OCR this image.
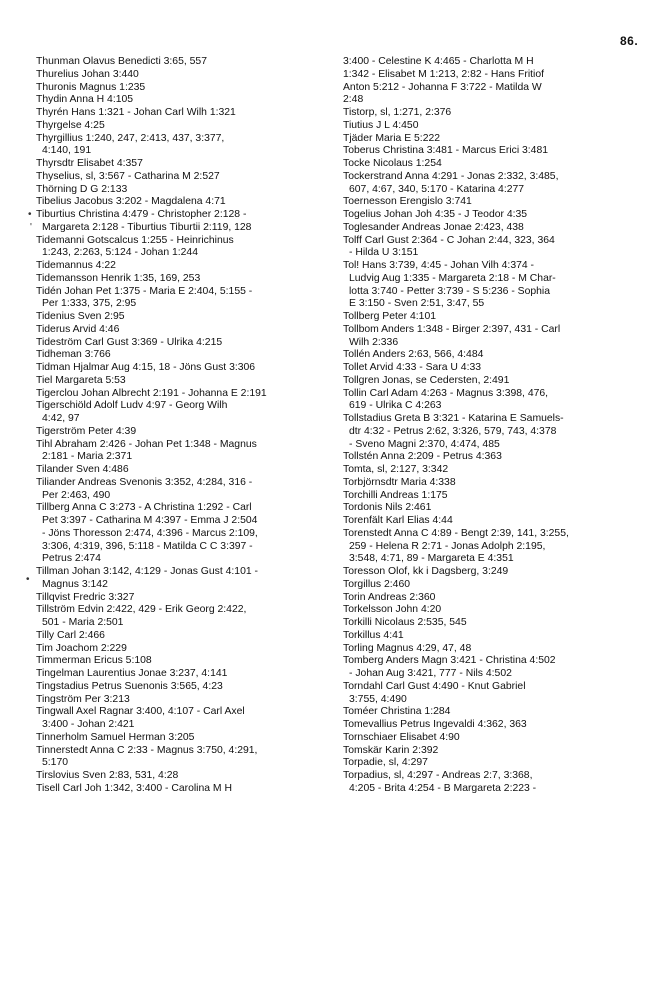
86.
Thunman Olavus Benedicti 3:65, 557
Thurelius Johan 3:440
Thuronis Magnus 1:235
Thydin Anna H 4:105
Thyrén Hans 1:321 - Johan Carl Wilh 1:321
Thyrgelse 4:25
Thyrgillius 1:240, 247, 2:413, 437, 3:377,
4:140, 191
Thyrsdtr Elisabet 4:357
Thyselius, sl, 3:567 - Catharina M 2:527
Thörning D G 2:133
Tibelius Jacobus 3:202 - Magdalena 4:71
Tiburtius Christina 4:479 - Christopher 2:128 -
Margareta 2:128 - Tiburtius Tiburtii 2:119, 128
Tidemanni Gotscalcus 1:255 - Heinrichinus
1:243, 2:263, 5:124 - Johan 1:244
Tidemannus 4:22
Tidemansson Henrik 1:35, 169, 253
Tidén Johan Pet 1:375 - Maria E 2:404, 5:155 -
Per 1:333, 375, 2:95
Tidenius Sven 2:95
Tiderus Arvid 4:46
Tideström Carl Gust 3:369 - Ulrika 4:215
Tidheman 3:766
Tidman Hjalmar Aug 4:15, 18 - Jöns Gust 3:306
Tiel Margareta 5:53
Tigerclou Johan Albrecht 2:191 - Johanna E 2:191
Tigerschiöld Adolf Ludv 4:97 - Georg Wilh
4:42, 97
Tigerström Peter 4:39
Tihl Abraham 2:426 - Johan Pet 1:348 - Magnus
2:181 - Maria 2:371
Tilander Sven 4:486
Tiliander Andreas Svenonis 3:352, 4:284, 316 -
Per 2:463, 490
Tillberg Anna C 3:273 - A Christina 1:292 - Carl
Pet 3:397 - Catharina M 4:397 - Emma J 2:504
- Jöns Thoresson 2:474, 4:396 - Marcus 2:109,
3:306, 4:319, 396, 5:118 - Matilda C C 3:397 -
Petrus 2:474
Tillman Johan 3:142, 4:129 - Jonas Gust 4:101 -
Magnus 3:142
Tillqvist Fredric 3:327
Tillström Edvin 2:422, 429 - Erik Georg 2:422,
501 - Maria 2:501
Tilly Carl 2:466
Tim Joachom 2:229
Timmerman Ericus 5:108
Tingelman Laurentius Jonae 3:237, 4:141
Tingstadius Petrus Suenonis 3:565, 4:23
Tingström Per 3:213
Tingwall Axel Ragnar 3:400, 4:107 - Carl Axel
3:400 - Johan 2:421
Tinnerholm Samuel Herman 3:205
Tinnerstedt Anna C 2:33 - Magnus 3:750, 4:291,
5:170
Tirslovius Sven 2:83, 531, 4:28
Tisell Carl Joh 1:342, 3:400 - Carolina M H
3:400 - Celestine K 4:465 - Charlotta M H
1:342 - Elisabet M 1:213, 2:82 - Hans Fritiof
Anton 5:212 - Johanna F 3:722 - Matilda W
2:48
Tistorp, sl, 1:271, 2:376
Tiutius J L 4:450
Tjäder Maria E 5:222
Toberus Christina 3:481 - Marcus Erici 3:481
Tocke Nicolaus 1:254
Tockerstrand Anna 4:291 - Jonas 2:332, 3:485,
607, 4:67, 340, 5:170 - Katarina 4:277
Toernesson Erengislo 3:741
Togelius Johan Joh 4:35 - J Teodor 4:35
Toglesander Andreas Jonae 2:423, 438
Tolff Carl Gust 2:364 - C Johan 2:44, 323, 364
- Hilda U 3:151
Tol! Hans 3:739, 4:45 - Johan Vilh 4:374 -
Ludvig Aug 1:335 - Margareta 2:18 - M Char-
lotta 3:740 - Petter 3:739 - S 5:236 - Sophia
E 3:150 - Sven 2:51, 3:47, 55
Tollberg Peter 4:101
Tollbom Anders 1:348 - Birger 2:397, 431 - Carl
Wilh 2:336
Tollén Anders 2:63, 566, 4:484
Tollet Arvid 4:33 - Sara U 4:33
Tollgren Jonas, se Cedersten, 2:491
Tollin Carl Adam 4:263 - Magnus 3:398, 476,
619 - Ulrika C 4:263
Tollstadius Greta B 3:321 - Katarina E Samuels-
dtr 4:32 - Petrus 2:62, 3:326, 579, 743, 4:378
- Sveno Magni 2:370, 4:474, 485
Tollstén Anna 2:209 - Petrus 4:363
Tomta, sl, 2:127, 3:342
Torbjörnsdtr Maria 4:338
Torchilli Andreas 1:175
Tordonis Nils 2:461
Torenfält Karl Elias 4:44
Torenstedt Anna C 4:89 - Bengt 2:39, 141, 3:255,
259 - Helena R 2:71 - Jonas Adolph 2:195,
3:548, 4:71, 89 - Margareta E 4:351
Toresson Olof, kk i Dagsberg, 3:249
Torgillus 2:460
Torin Andreas 2:360
Torkelsson John 4:20
Torkilli Nicolaus 2:535, 545
Torkillus 4:41
Torling Magnus 4:29, 47, 48
Tomberg Anders Magn 3:421 - Christina 4:502
- Johan Aug 3:421, 777 - Nils 4:502
Torndahl Carl Gust 4:490 - Knut Gabriel
3:755, 4:490
Toméer Christina 1:284
Tomevallius Petrus Ingevaldi 4:362, 363
Tornschiaer Elisabet 4:90
Tomskär Karin 2:392
Torpadie, sl, 4:297
Torpadius, sl, 4:297 - Andreas 2:7, 3:368,
4:205 - Brita 4:254 - B Margareta 2:223 -
•
'
•
